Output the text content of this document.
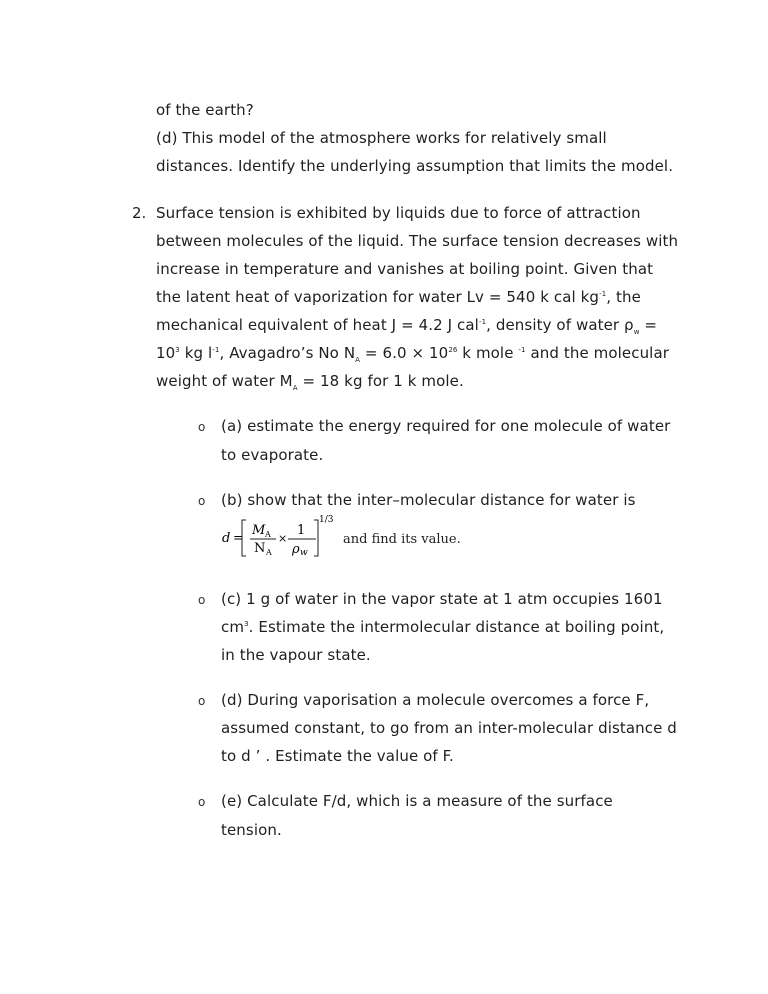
of the earth?
(d) This model of the atmosphere works for relatively small
distances. Identify the underlying assumption that limits the model.
2. Surface tension is exhibited by liquids due to force of attraction
between molecules of the liquid. The surface tension decreases with
increase in temperature and vanishes at boiling point. Given that
the latent heat of vaporization for water Lv = 540 k cal $kg^{-1}$, the
mechanical equivalent of heat J = 4.2 J cal$^{-1}$, density of water $\rho_w$ =
$10^3$ kg $l^{-1}$, Avagadro’s No $N_A = 6.0 \times 10^{26}$ k mole $^{-1}$ and the molecular
weight of water $M_A = 18$ kg for 1 k mole.
o (a) estimate the energy required for one molecule of water
to evaporate.
o (b) show that the inter–molecular distance for water is
d =
M A
N A
×
1
ρ w
1/3
and find its value.
o (c) 1 g of water in the vapor state at 1 atm occupies 1601
$cm^3$. Estimate the intermolecular distance at boiling point,
in the vapour state.
o (d) During vaporisation a molecule overcomes a force F,
assumed constant, to go from an inter-molecular distance d
to d ’ . Estimate the value of F.
o (e) Calculate F/d, which is a measure of the surface
tension.
